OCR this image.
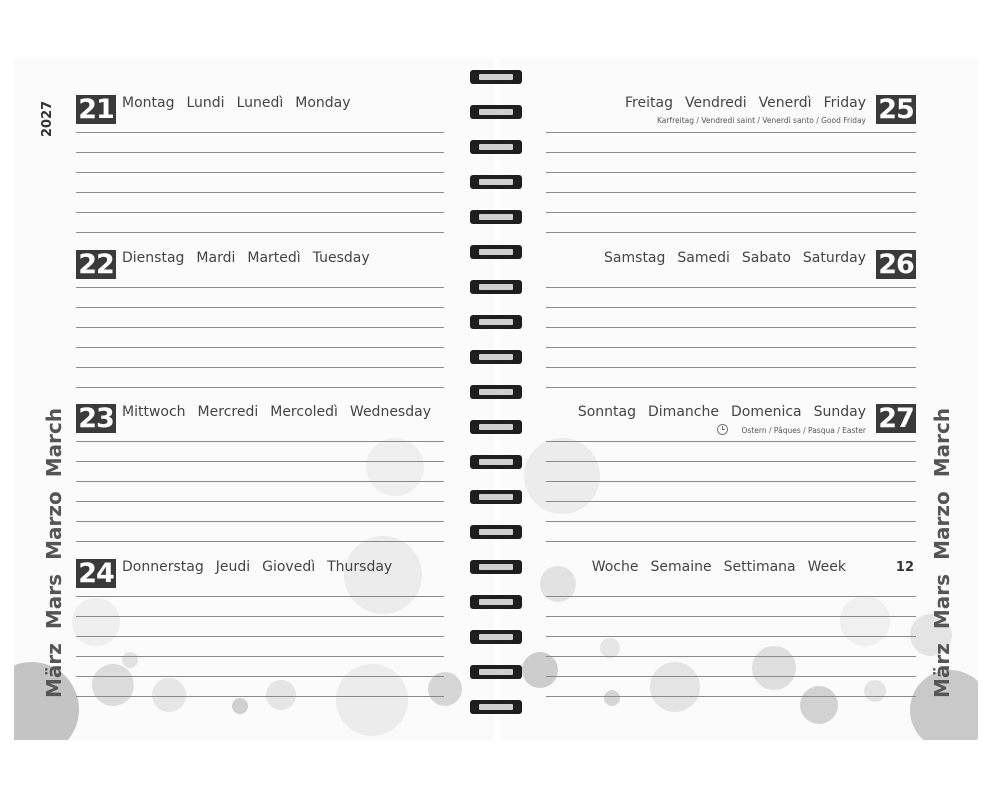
2027
MärzMarsMarzoMarch
21 Montag Lundi Lunedì Monday
22 Dienstag Mardi Martedì Tuesday
23 Mittwoch Mercredi Mercoledì Wednesday
24 Donnerstag Jeudi Giovedì Thursday
MärzMarsMarzoMarch
Freitag Vendredi Venerdì Friday
Karfreitag / Vendredi saint / Venerdì santo / Good Friday 25
Samstag Samedi Sabato Saturday 26
Sonntag Dimanche Domenica Sunday
Ostern / Pâques / Pasqua / Easter 27
Woche Semaine Settimana Week	12
